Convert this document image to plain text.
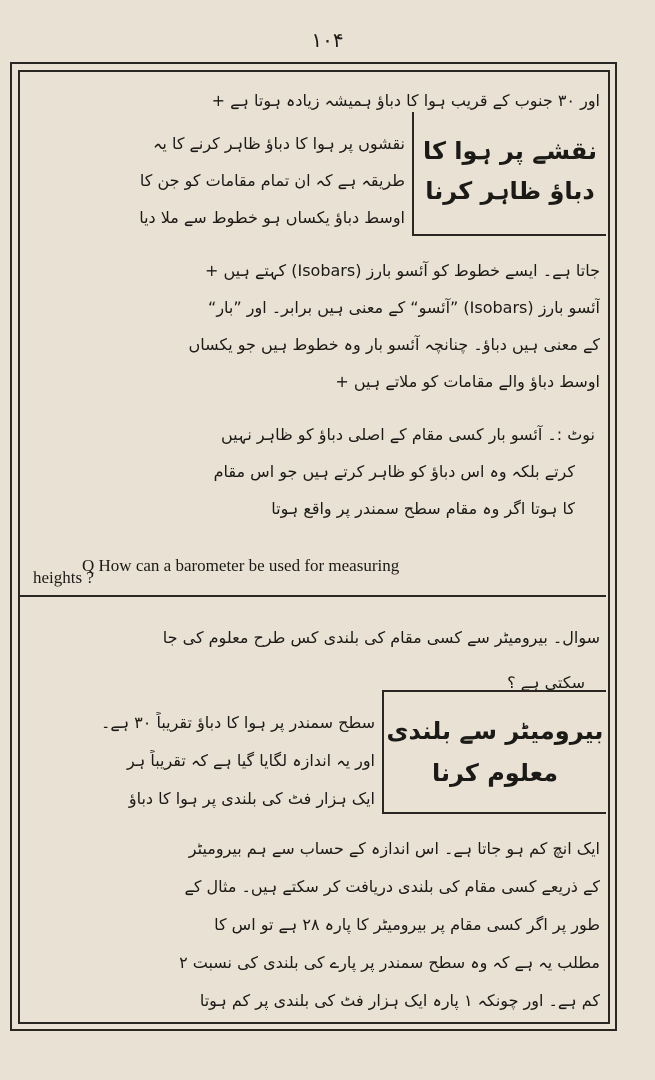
۱۰۴
اور ۳۰ جنوب کے قریب ہوا کا دباؤ ہمیشہ زیادہ ہوتا ہے +
نقشے پر ہوا کا
دباؤ ظاہر کرنا
نقشوں پر ہوا کا دباؤ ظاہر کرنے کا یہ
طریقہ ہے کہ ان تمام مقامات کو جن کا
اوسط دباؤ یکساں ہو خطوط سے ملا دیا
جاتا ہے۔ ایسے خطوط کو آئسو بارز (Isobars) کہتے ہیں +
آئسو بارز (Isobars) ”آئسو“ کے معنی ہیں برابر۔ اور ”بار“
کے معنی ہیں دباؤ۔ چنانچہ آئسو بار وہ خطوط ہیں جو یکساں
اوسط دباؤ والے مقامات کو ملاتے ہیں +
نوٹ :۔ آئسو بار کسی مقام کے اصلی دباؤ کو ظاہر نہیں
کرتے بلکہ وہ اس دباؤ کو ظاہر کرتے ہیں جو اس مقام
کا ہوتا اگر وہ مقام سطح سمندر پر واقع ہوتا
Q How can a barometer be used for measuring
heights ?
سوال۔ بیرومیٹر سے کسی مقام کی بلندی کس طرح معلوم کی جا
سکتی ہے ؟
بیرومیٹر سے بلندی
معلوم کرنا
سطح سمندر پر ہوا کا دباؤ تقریباً ۳۰ ہے۔
اور یہ اندازہ لگایا گیا ہے کہ تقریباً ہر
ایک ہزار فٹ کی بلندی پر ہوا کا دباؤ
ایک انچ کم ہو جاتا ہے۔ اس اندازہ کے حساب سے ہم بیرومیٹر
کے ذریعے کسی مقام کی بلندی دریافت کر سکتے ہیں۔ مثال کے
طور پر اگر کسی مقام پر بیرومیٹر کا پارہ ۲۸ ہے تو اس کا
مطلب یہ ہے کہ وہ سطح سمندر پر پارے کی بلندی کی نسبت ۲
کم ہے۔ اور چونکہ ۱ پارہ ایک ہزار فٹ کی بلندی پر کم ہوتا
